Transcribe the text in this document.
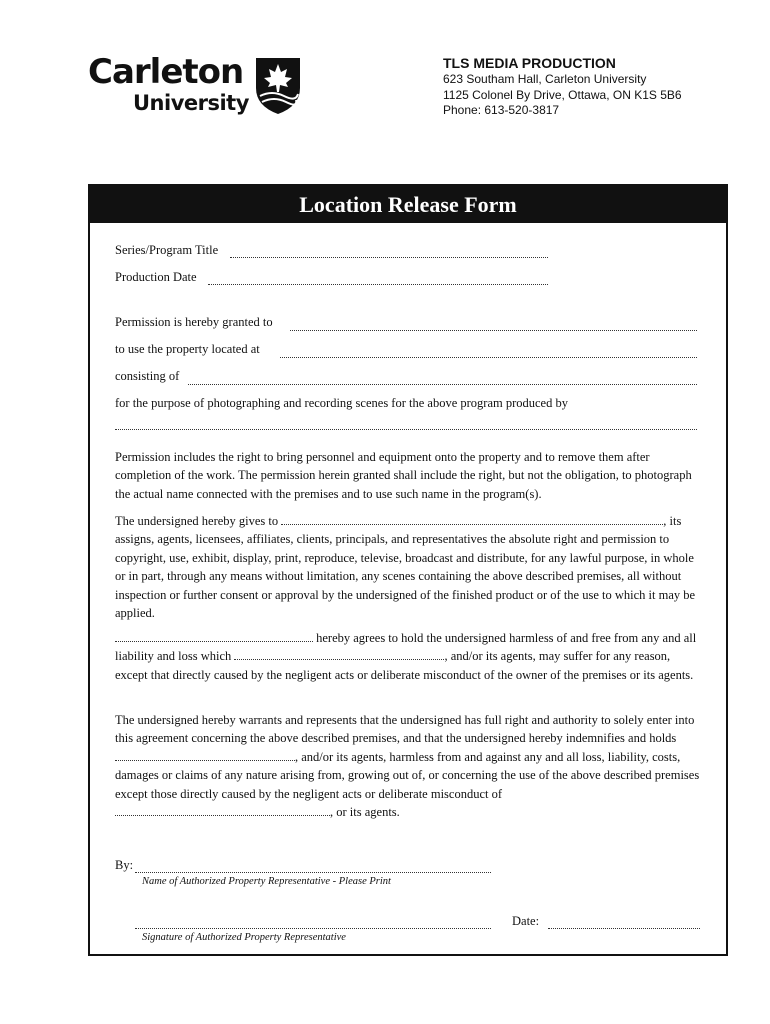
Carleton
University
TLS MEDIA PRODUCTION
623 Southam Hall, Carleton University
1125 Colonel By Drive, Ottawa, ON K1S 5B6
Phone: 613-520-3817
Location Release Form
Series/Program Title
Production Date
Permission is hereby granted to
to use the property located at
consisting of
for the purpose of photographing and recording scenes for the above program produced by
Permission includes the right to bring personnel and equipment onto the property and to remove them after completion of the work. The permission herein granted shall include the right, but not the obligation, to photograph the actual name connected with the premises and to use such name in the program(s).
The undersigned hereby gives to	, its assigns, agents, licensees, affiliates, clients, principals, and representatives the absolute right and permission to copyright, use, exhibit, display, print, reproduce, televise, broadcast and distribute, for any lawful purpose, in whole or in part, through any means without limitation, any scenes containing the above described premises, all without inspection or further consent or approval by the undersigned of the finished product or of the use to which it may be applied.
hereby agrees to hold the undersigned harmless of and free from any and all liability and loss which	, and/or its agents, may suffer for any reason, except that directly caused by the negligent acts or deliberate misconduct of the owner of the premises or its agents.
The undersigned hereby warrants and represents that the undersigned has full right and authority to solely enter into this agreement concerning the above described premises, and that the undersigned hereby indemnifies and holds , and/or its agents, harmless from and against any and all loss, liability, costs, damages or claims of any nature arising from, growing out of, or concerning the use of the above described premises except those directly caused by the negligent acts or deliberate misconduct of , or its agents.
By:
Name of Authorized Property Representative - Please Print
Signature of Authorized Property Representative
Date:
